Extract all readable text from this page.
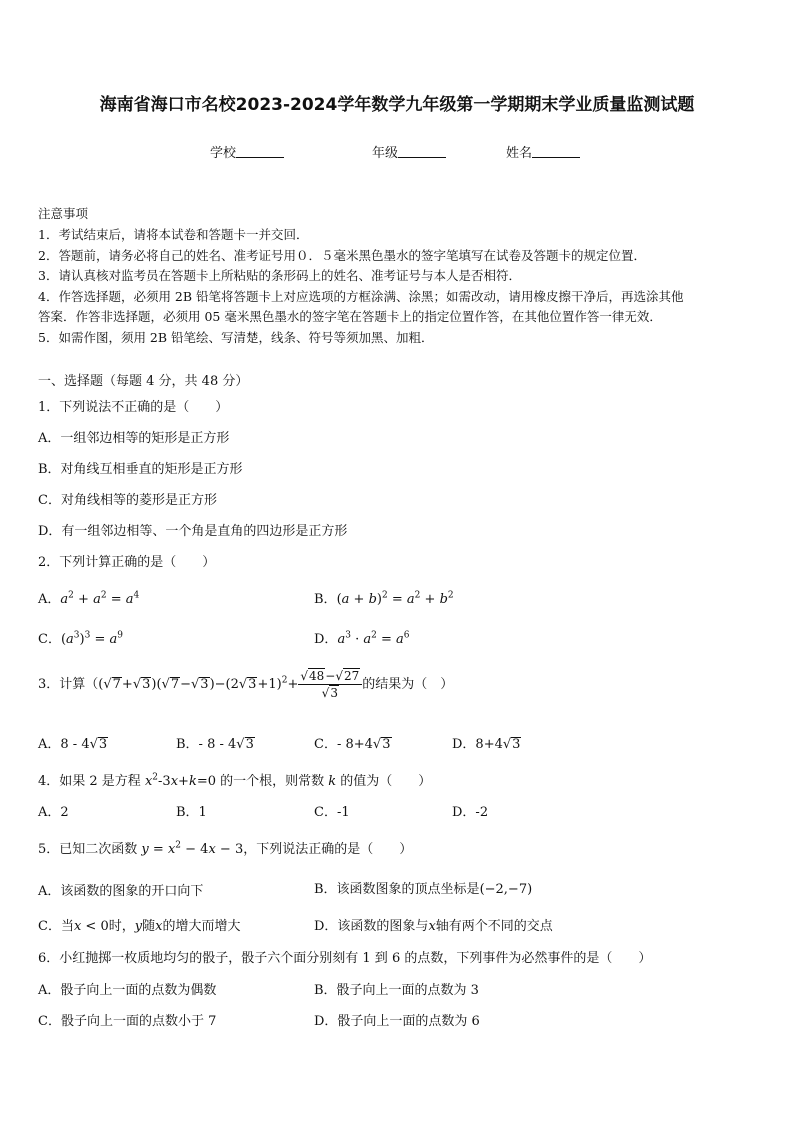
海南省海口市名校2023-2024学年数学九年级第一学期期末学业质量监测试题
学校	年级	姓名
注意事项
1．考试结束后，请将本试卷和答题卡一并交回．
2．答题前，请务必将自己的姓名、准考证号用０．５毫米黑色墨水的签字笔填写在试卷及答题卡的规定位置．
3．请认真核对监考员在答题卡上所粘贴的条形码上的姓名、准考证号与本人是否相符．
4．作答选择题，必须用 2B 铅笔将答题卡上对应选项的方框涂满、涂黑；如需改动，请用橡皮擦干净后，再选涂其他
答案．作答非选择题，必须用 05 毫米黑色墨水的签字笔在答题卡上的指定位置作答，在其他位置作答一律无效．
5．如需作图，须用 2B 铅笔绘、写清楚，线条、符号等须加黑、加粗．
一、选择题（每题 4 分，共 48 分）
1．下列说法不正确的是（　　）
A．一组邻边相等的矩形是正方形
B．对角线互相垂直的矩形是正方形
C．对角线相等的菱形是正方形
D．有一组邻边相等、一个角是直角的四边形是正方形
2．下列计算正确的是（　　）
A．$a^2 + a^2 = a^4$	B．$(a + b)^2 = a^2 + b^2$
C．$(a^3)^3 = a^9$	D．$a^3 \cdot a^2 = a^6$
3．计算（$(√7+√3)(√7-√3)-(2√3+1)^2+ \frac{√48-√27}{√3}$ 的结果为（　）
A．8 - 4√3	B．- 8 - 4√3	C．- 8+4√3	D．8+4√3
4．如果 2 是方程 $x^2-3x+k=0$ 的一个根，则常数 k 的值为（　　）
A．2	B．1	C．-1	D．-2
5．已知二次函数 $y = x^2 - 4x - 3$，下列说法正确的是（　　）
A．该函数的图象的开口向下	B．该函数图象的顶点坐标是(−2,−7)
C．当x < 0时，y随x的增大而增大	D．该函数的图象与x轴有两个不同的交点
6．小红抛掷一枚质地均匀的骰子，骰子六个面分别刻有 1 到 6 的点数，下列事件为必然事件的是（　　）
A．骰子向上一面的点数为偶数	B．骰子向上一面的点数为 3
C．骰子向上一面的点数小于 7	D．骰子向上一面的点数为 6
